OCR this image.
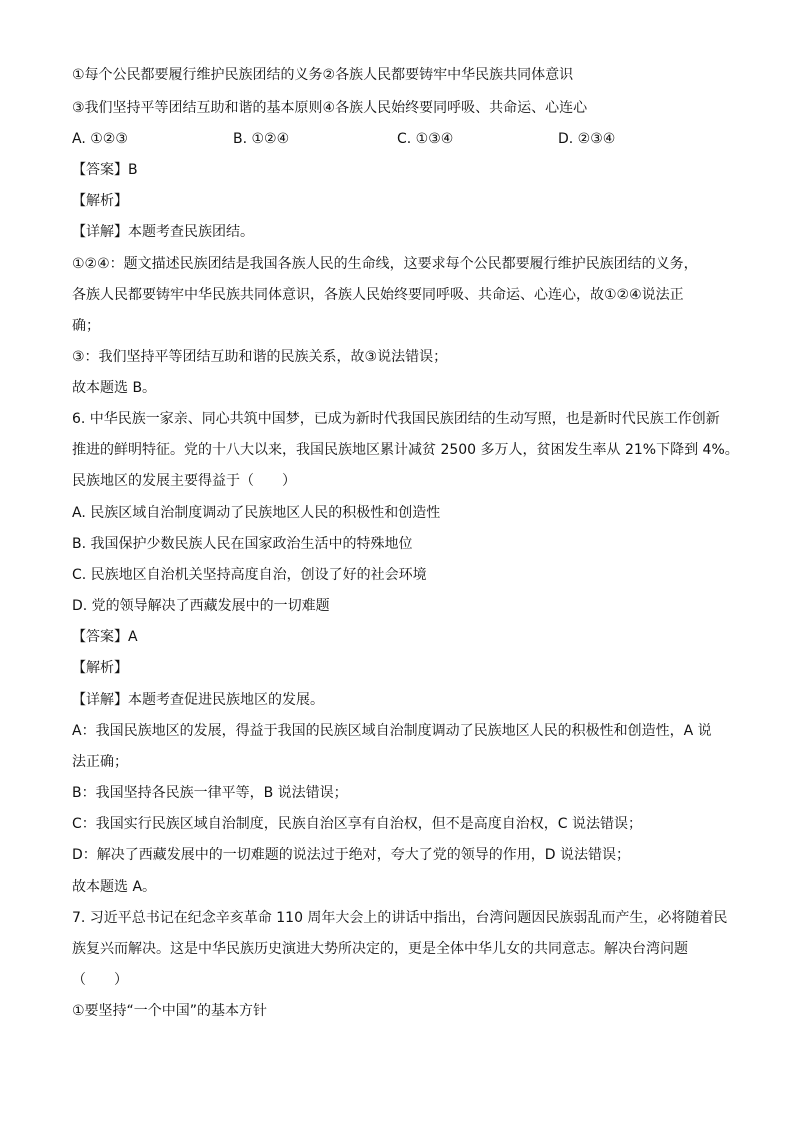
①每个公民都要履行维护民族团结的义务②各族人民都要铸牢中华民族共同体意识
③我们坚持平等团结互助和谐的基本原则④各族人民始终要同呼吸、共命运、心连心
A. ①②③	B. ①②④	C. ①③④	D. ②③④
【答案】B
【解析】
【详解】本题考查民族团结。
①②④：题文描述民族团结是我国各族人民的生命线，这要求每个公民都要履行维护民族团结的义务，
各族人民都要铸牢中华民族共同体意识，各族人民始终要同呼吸、共命运、心连心，故①②④说法正
确；
③：我们坚持平等团结互助和谐的民族关系，故③说法错误；
故本题选 B。
6. 中华民族一家亲、同心共筑中国梦，已成为新时代我国民族团结的生动写照，也是新时代民族工作创新
推进的鲜明特征。党的十八大以来，我国民族地区累计减贫 2500 多万人，贫困发生率从 21%下降到 4%。
民族地区的发展主要得益于（　　）
A. 民族区域自治制度调动了民族地区人民的积极性和创造性
B. 我国保护少数民族人民在国家政治生活中的特殊地位
C. 民族地区自治机关坚持高度自治，创设了好的社会环境
D. 党的领导解决了西藏发展中的一切难题
【答案】A
【解析】
【详解】本题考查促进民族地区的发展。
A：我国民族地区的发展，得益于我国的民族区域自治制度调动了民族地区人民的积极性和创造性，A 说
法正确；
B：我国坚持各民族一律平等，B 说法错误；
C：我国实行民族区域自治制度，民族自治区享有自治权，但不是高度自治权，C 说法错误；
D：解决了西藏发展中的一切难题的说法过于绝对，夸大了党的领导的作用，D 说法错误；
故本题选 A。
7. 习近平总书记在纪念辛亥革命 110 周年大会上的讲话中指出，台湾问题因民族弱乱而产生，必将随着民
族复兴而解决。这是中华民族历史演进大势所决定的，更是全体中华儿女的共同意志。解决台湾问题
（　　）
①要坚持“一个中国”的基本方针
